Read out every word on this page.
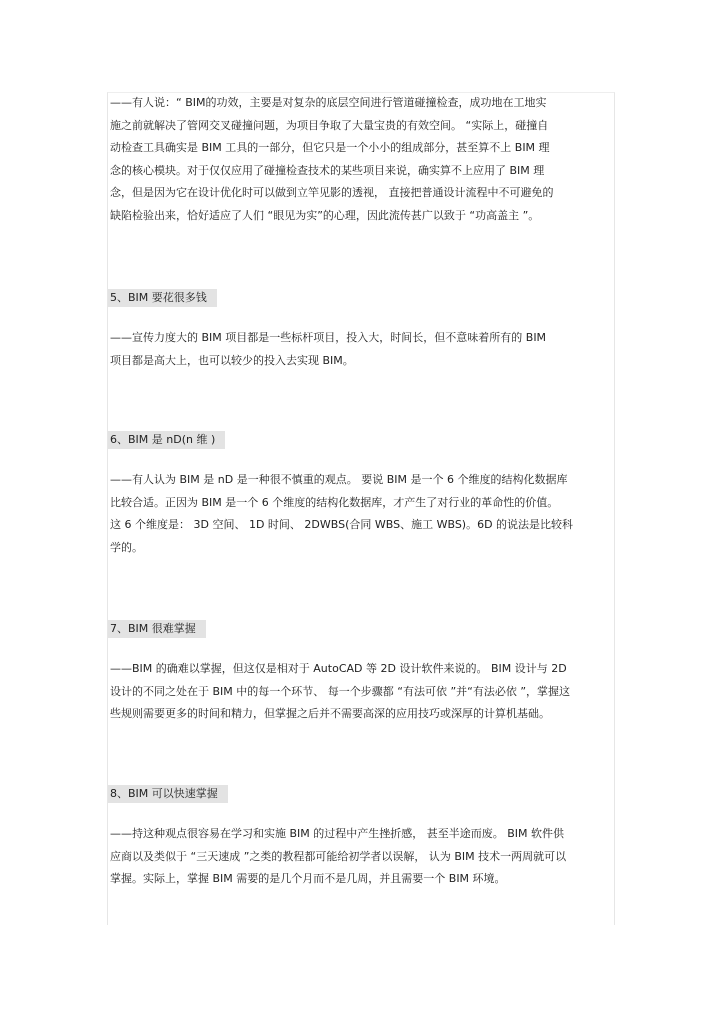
——有人说：“ BIM的功效，主要是对复杂的底层空间进行管道碰撞检查，成功地在工地实
施之前就解决了管网交叉碰撞问题，为项目争取了大量宝贵的有效空间。 “实际上，碰撞自
动检查工具确实是 BIM 工具的一部分，但它只是一个小小的组成部分，甚至算不上 BIM 理
念的核心模块。对于仅仅应用了碰撞检查技术的某些项目来说，确实算不上应用了 BIM 理
念，但是因为它在设计优化时可以做到立竿见影的透视， 直接把普通设计流程中不可避免的
缺陷检验出来，恰好适应了人们 “眼见为实”的心理，因此流传甚广以致于 “功高盖主 ”。
5、BIM 要花很多钱
——宣传力度大的 BIM 项目都是一些标杆项目，投入大，时间长，但不意味着所有的 BIM
项目都是高大上，也可以较少的投入去实现 BIM。
6、BIM 是 nD(n 维 )
——有人认为 BIM 是 nD 是一种很不慎重的观点。 要说 BIM 是一个 6 个维度的结构化数据库
比较合适。正因为 BIM 是一个 6 个维度的结构化数据库，才产生了对行业的革命性的价值。
这 6 个维度是： 3D 空间、 1D 时间、 2DWBS(合同 WBS、施工 WBS)。6D 的说法是比较科
学的。
7、BIM 很难掌握
——BIM 的确难以掌握，但这仅是相对于 AutoCAD 等 2D 设计软件来说的。 BIM 设计与 2D
设计的不同之处在于 BIM 中的每一个环节、 每一个步骤都 “有法可依 ”并“有法必依 ”，掌握这
些规则需要更多的时间和精力，但掌握之后并不需要高深的应用技巧或深厚的计算机基础。
8、BIM 可以快速掌握
——持这种观点很容易在学习和实施 BIM 的过程中产生挫折感， 甚至半途而废。 BIM 软件供
应商以及类似于 “三天速成 ”之类的教程都可能给初学者以误解， 认为 BIM 技术一两周就可以
掌握。实际上，掌握 BIM 需要的是几个月而不是几周，并且需要一个 BIM 环境。
